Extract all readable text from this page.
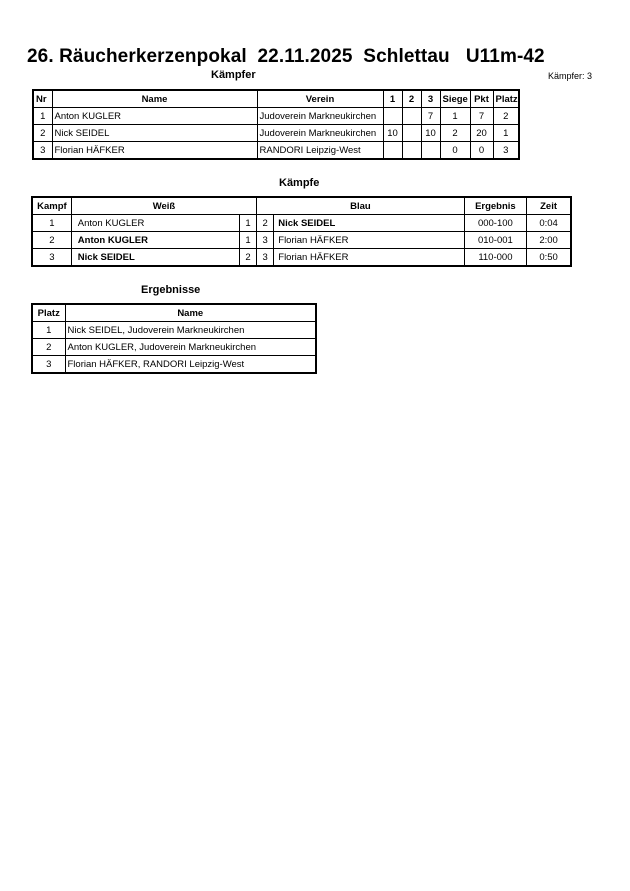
26. Räucherkerzenpokal  22.11.2025  Schlettau   U11m-42
Kämpfer	Kämpfer: 3
Nr	Name	Verein	1	2	3	Siege	Pkt	Platz
1	Anton KUGLER	Judoverein Markneukirchen			7	1	7	2
2	Nick SEIDEL	Judoverein Markneukirchen	10		10	2	20	1
3	Florian HÄFKER	RANDORI Leipzig-West				0	0	3
Kämpfe
Kampf	Weiß		Blau		Ergebnis	Zeit
1	Anton KUGLER	1	2	Nick SEIDEL	000-100	0:04
2	Anton KUGLER	1	3	Florian HÄFKER	010-001	2:00
3	Nick SEIDEL	2	3	Florian HÄFKER	110-000	0:50
Ergebnisse
Platz	Name
1	Nick SEIDEL, Judoverein Markneukirchen
2	Anton KUGLER, Judoverein Markneukirchen
3	Florian HÄFKER, RANDORI Leipzig-West
